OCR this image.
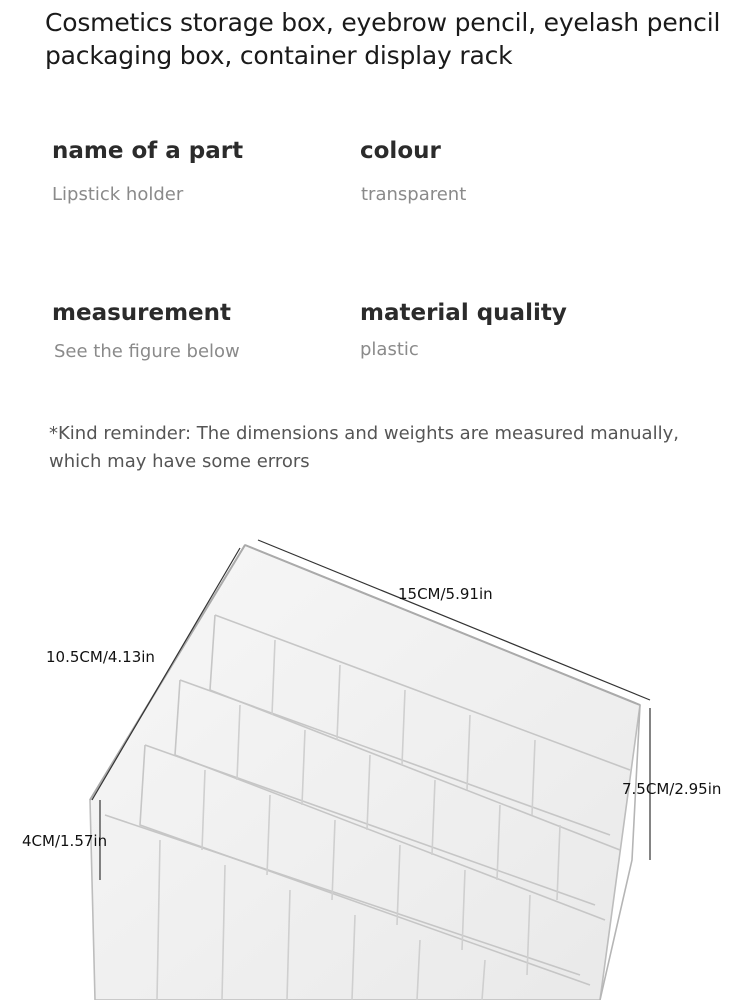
Cosmetics storage box, eyebrow pencil, eyelash pencil packaging box, container display rack
name of a part
Lipstick holder
colour
transparent
measurement
See the figure below
material quality
plastic
*Kind reminder: The dimensions and weights are measured manually, which may have some errors
15CM/5.91in
10.5CM/4.13in
7.5CM/2.95in
4CM/1.57in
